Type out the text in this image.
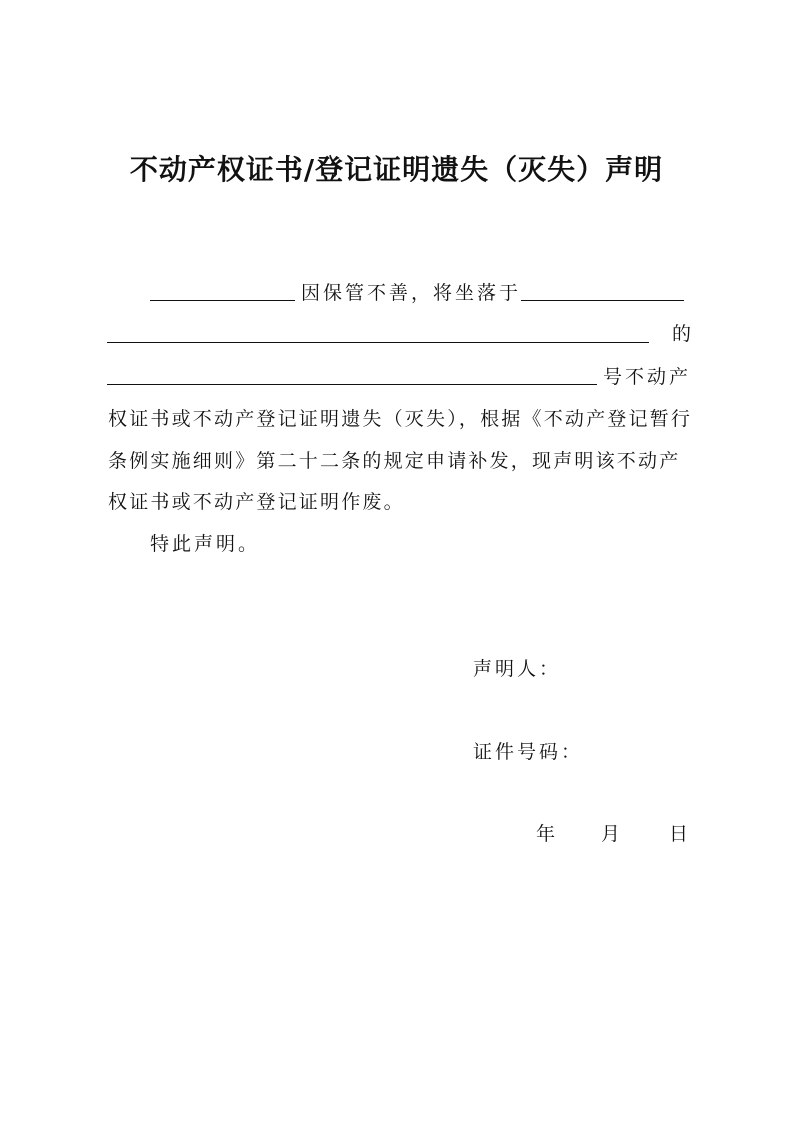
不动产权证书/登记证明遗失（灭失）声明
因保管不善，将坐落于
的
号不动产
权证书或不动产登记证明遗失（灭失），根据《不动产登记暂行
条例实施细则》第二十二条的规定申请补发，现声明该不动产
权证书或不动产登记证明作废。
特此声明。
声明人：
证件号码：
年 月 日
